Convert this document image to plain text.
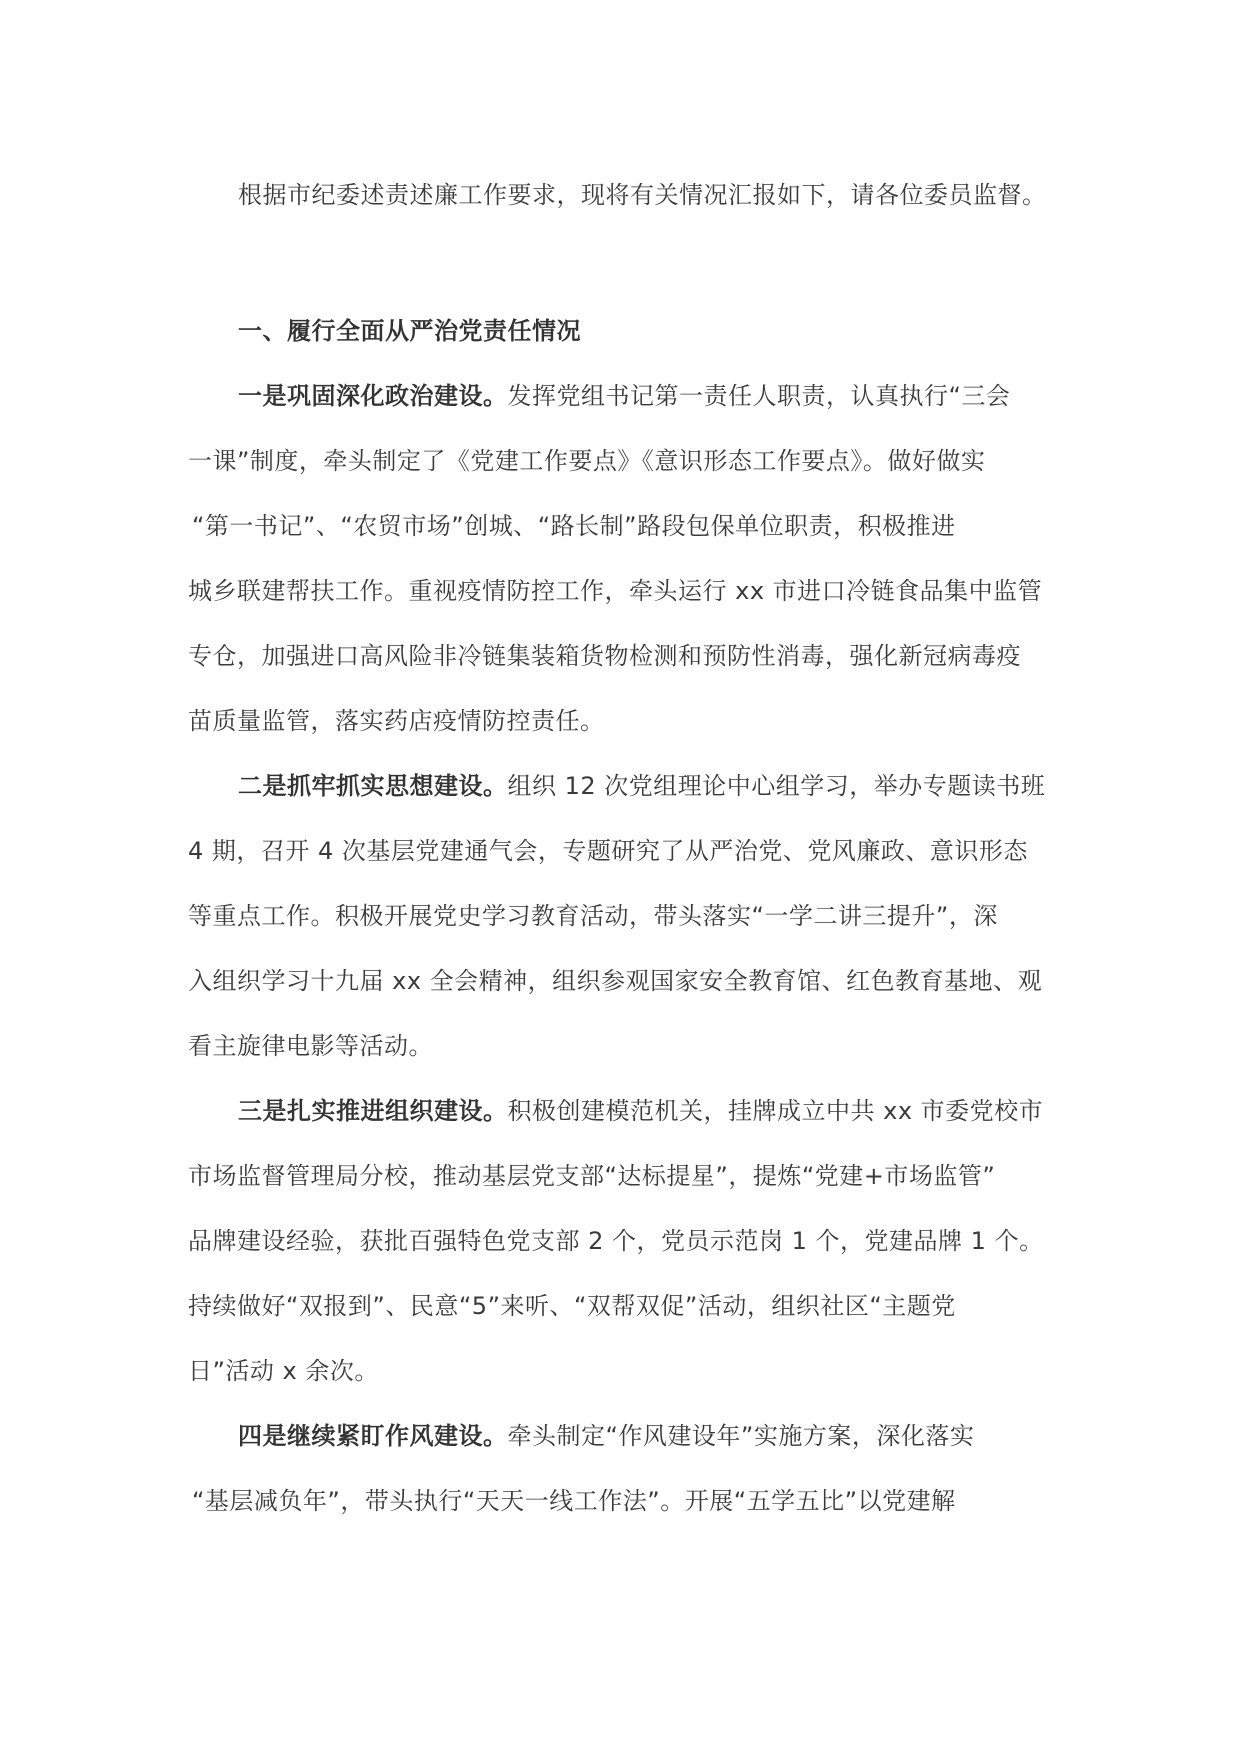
根据市纪委述责述廉工作要求，现将有关情况汇报如下，请各位委员监督。
一、履行全面从严治党责任情况
一是巩固深化政治建设。发挥党组书记第一责任人职责，认真执行“三会
一课”制度，牵头制定了《党建工作要点》《意识形态工作要点》。做好做实
“第一书记”、“农贸市场”创城、“路长制”路段包保单位职责，积极推进
城乡联建帮扶工作。重视疫情防控工作，牵头运行 xx 市进口冷链食品集中监管
专仓，加强进口高风险非冷链集装箱货物检测和预防性消毒，强化新冠病毒疫
苗质量监管，落实药店疫情防控责任。
二是抓牢抓实思想建设。组织 12 次党组理论中心组学习，举办专题读书班
4 期，召开 4 次基层党建通气会，专题研究了从严治党、党风廉政、意识形态
等重点工作。积极开展党史学习教育活动，带头落实“一学二讲三提升”，深
入组织学习十九届 xx 全会精神，组织参观国家安全教育馆、红色教育基地、观
看主旋律电影等活动。
三是扎实推进组织建设。积极创建模范机关，挂牌成立中共 xx 市委党校市
市场监督管理局分校，推动基层党支部“达标提星”，提炼“党建+市场监管”
品牌建设经验，获批百强特色党支部 2 个，党员示范岗 1 个，党建品牌 1 个。
持续做好“双报到”、民意“5”来听、“双帮双促”活动，组织社区“主题党
日”活动 x 余次。
四是继续紧盯作风建设。牵头制定“作风建设年”实施方案，深化落实
“基层减负年”，带头执行“天天一线工作法”。开展“五学五比”以党建解
